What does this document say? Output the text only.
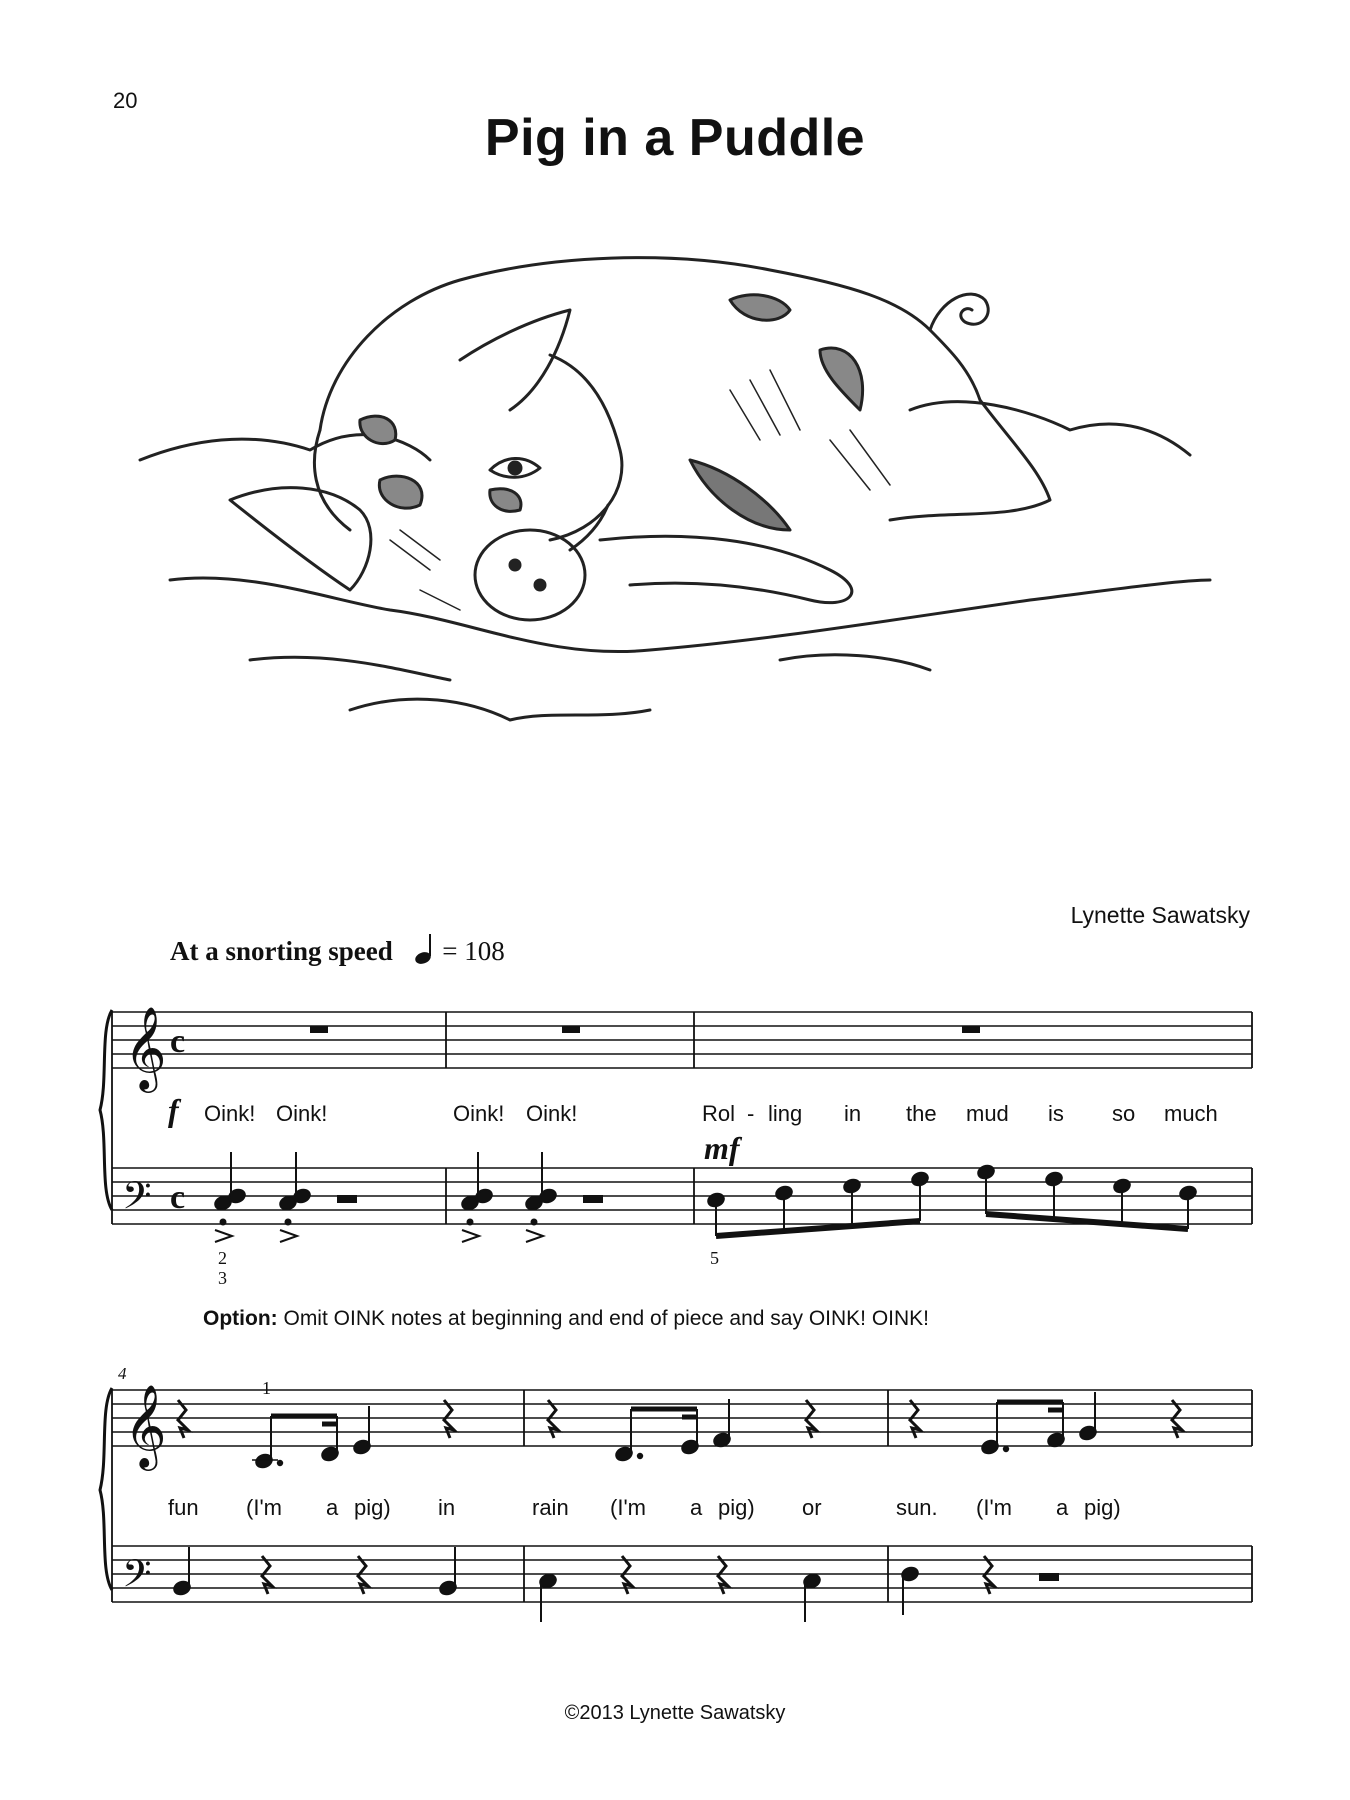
20
Pig in a Puddle
Lynette Sawatsky
At a snorting speed = 108
𝄞
𝄢
c
c
𝄞
𝄢
f Oink! Oink!	Oink! Oink!	Rol - ling in the mud is so much
mf
2
3
5
Option: Omit OINK notes at beginning and end of piece and say OINK! OINK!
4
1
fun (I'm a pig) in	rain (I'm a pig) or	sun. (I'm a pig)
©2013 Lynette Sawatsky
